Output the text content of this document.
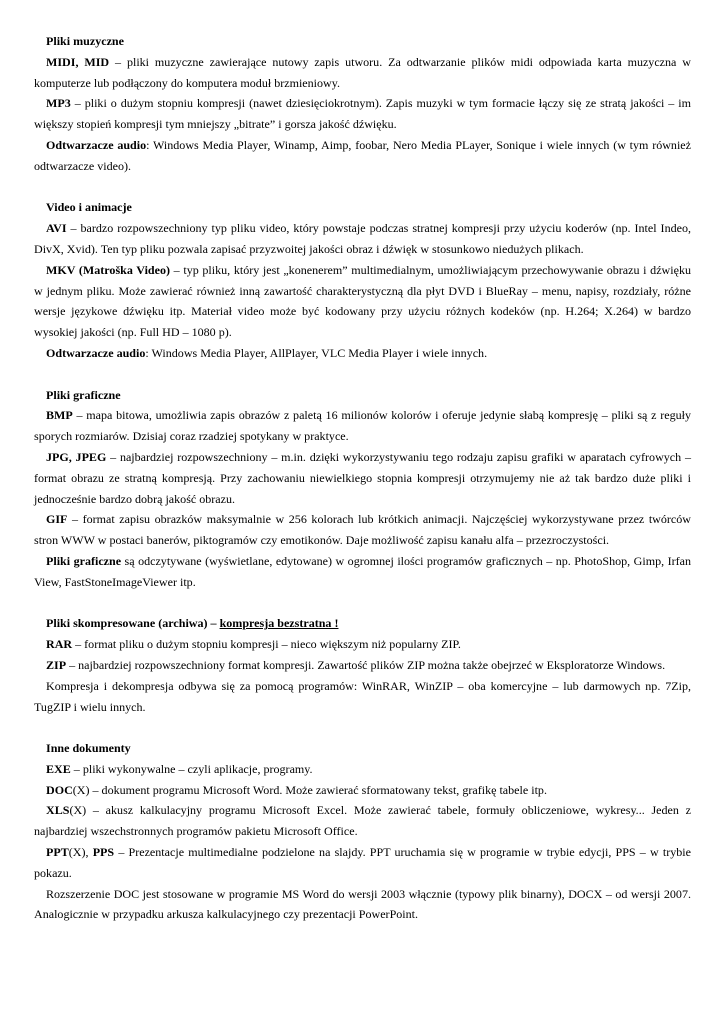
Pliki muzyczne

MIDI, MID – pliki muzyczne zawierające nutowy zapis utworu. Za odtwarzanie plików midi odpowiada karta muzyczna w komputerze lub podłączony do komputera moduł brzmieniowy.

MP3 – pliki o dużym stopniu kompresji (nawet dziesięciokrotnym). Zapis muzyki w tym formacie łączy się ze stratą jakości – im większy stopień kompresji tym mniejszy „bitrate” i gorsza jakość dźwięku.

Odtwarzacze audio: Windows Media Player, Winamp, Aimp, foobar, Nero Media PLayer, Sonique i wiele innych (w tym również odtwarzacze video).

Video i animacje

AVI – bardzo rozpowszechniony typ pliku video, który powstaje podczas stratnej kompresji przy użyciu koderów (np. Intel Indeo, DivX, Xvid). Ten typ pliku pozwala zapisać przyzwoitej jakości obraz i dźwięk w stosunkowo niedużych plikach.

MKV (Matroška Video) – typ pliku, który jest „konenerem” multimedialnym, umożliwiającym przechowywanie obrazu i dźwięku w jednym pliku. Może zawierać również inną zawartość charakterystyczną dla płyt DVD i BlueRay – menu, napisy, rozdziały, różne wersje językowe dźwięku itp. Materiał video może być kodowany przy użyciu różnych kodeków (np. H.264; X.264) w bardzo wysokiej jakości (np. Full HD – 1080 p).

Odtwarzacze audio: Windows Media Player, AllPlayer, VLC Media Player i wiele innych.

Pliki graficzne

BMP – mapa bitowa, umożliwia zapis obrazów z paletą 16 milionów kolorów i oferuje jedynie słabą kompresję – pliki są z reguły sporych rozmiarów. Dzisiaj coraz rzadziej spotykany w praktyce.

JPG, JPEG – najbardziej rozpowszechniony – m.in. dzięki wykorzystywaniu tego rodzaju zapisu grafiki w aparatach cyfrowych – format obrazu ze stratną kompresją. Przy zachowaniu niewielkiego stopnia kompresji otrzymujemy nie aż tak bardzo duże pliki i jednocześnie bardzo dobrą jakość obrazu.

GIF – format zapisu obrazków maksymalnie w 256 kolorach lub krótkich animacji. Najczęściej wykorzystywane przez twórców stron WWW w postaci banerów, piktogramów czy emotikonów. Daje możliwość zapisu kanału alfa – przezroczystości.

Pliki graficzne są odczytywane (wyświetlane, edytowane) w ogromnej ilości programów graficznych – np. PhotoShop, Gimp, Irfan View, FastStoneImageViewer itp.

Pliki skompresowane (archiwa) – kompresja bezstratna !

RAR – format pliku o dużym stopniu kompresji – nieco większym niż popularny ZIP.

ZIP – najbardziej rozpowszechniony format kompresji. Zawartość plików ZIP można także obejrzeć w Eksploratorze Windows.

Kompresja i dekompresja odbywa się za pomocą programów: WinRAR, WinZIP – oba komercyjne – lub darmowych np. 7Zip, TugZIP i wielu innych.

Inne dokumenty

EXE – pliki wykonywalne – czyli aplikacje, programy.

DOC(X) – dokument programu Microsoft Word. Może zawierać sformatowany tekst, grafikę tabele itp.

XLS(X) – akusz kalkulacyjny programu Microsoft Excel. Może zawierać tabele, formuły obliczeniowe, wykresy... Jeden z najbardziej wszechstronnych programów pakietu Microsoft Office.

PPT(X), PPS – Prezentacje multimedialne podzielone na slajdy. PPT uruchamia się w programie w trybie edycji, PPS – w trybie pokazu.

Rozszerzenie DOC jest stosowane w programie MS Word do wersji 2003 włącznie (typowy plik binarny), DOCX – od wersji 2007. Analogicznie w przypadku arkusza kalkulacyjnego czy prezentacji PowerPoint.
